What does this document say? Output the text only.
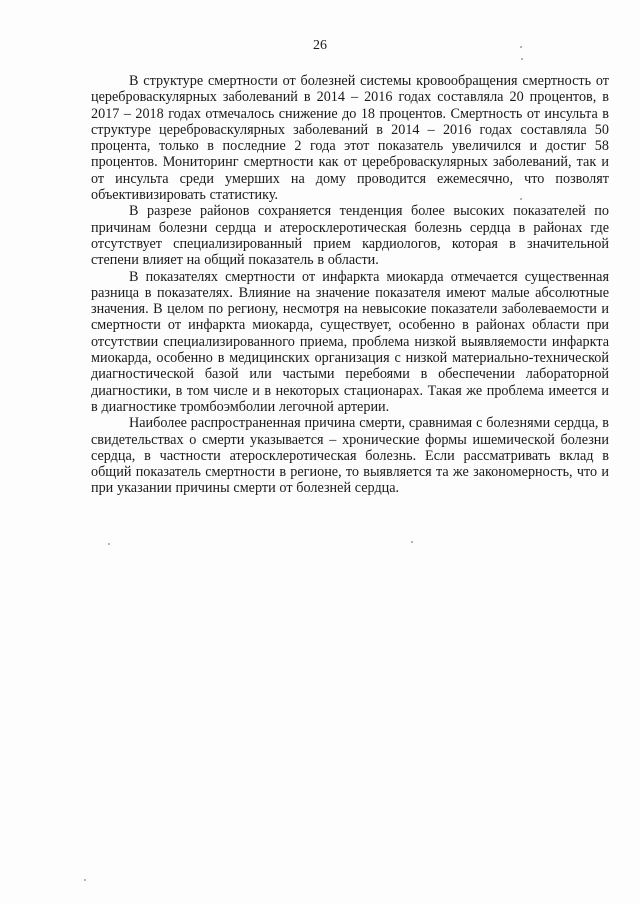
26

В структуре смертности от болезней системы кровообращения смертность от цереброваскулярных заболеваний в 2014 – 2016 годах составляла 20 процентов, в 2017 – 2018 годах отмечалось снижение до 18 процентов. Смертность от инсульта в структуре цереброваскулярных заболеваний в 2014 – 2016 годах составляла 50 процента, только в последние 2 года этот показатель увеличился и достиг 58 процентов. Мониторинг смертности как от цереброваскулярных заболеваний, так и от инсульта среди умерших на дому проводится ежемесячно, что позволят объективизировать статистику.

В разрезе районов сохраняется тенденция более высоких показателей по причинам болезни сердца и атеросклеротическая болезнь сердца в районах где отсутствует специализированный прием кардиологов, которая в значительной степени влияет на общий показатель в области.

В показателях смертности от инфаркта миокарда отмечается существенная разница в показателях. Влияние на значение показателя имеют малые абсолютные значения. В целом по региону, несмотря на невысокие показатели заболеваемости и смертности от инфаркта миокарда, существует, особенно в районах области при отсутствии специализированного приема, проблема низкой выявляемости инфаркта миокарда, особенно в медицинских организация с низкой материально-технической диагностической базой или частыми перебоями в обеспечении лабораторной диагностики, в том числе и в некоторых стационарах. Такая же проблема имеется и в диагностике тромбоэмболии легочной артерии.

Наиболее распространенная причина смерти, сравнимая с болезнями сердца, в свидетельствах о смерти указывается – хронические формы ишемической болезни сердца, в частности атеросклеротическая болезнь. Если рассматривать вклад в общий показатель смертности в регионе, то выявляется та же закономерность, что и при указании причины смерти от болезней сердца.
